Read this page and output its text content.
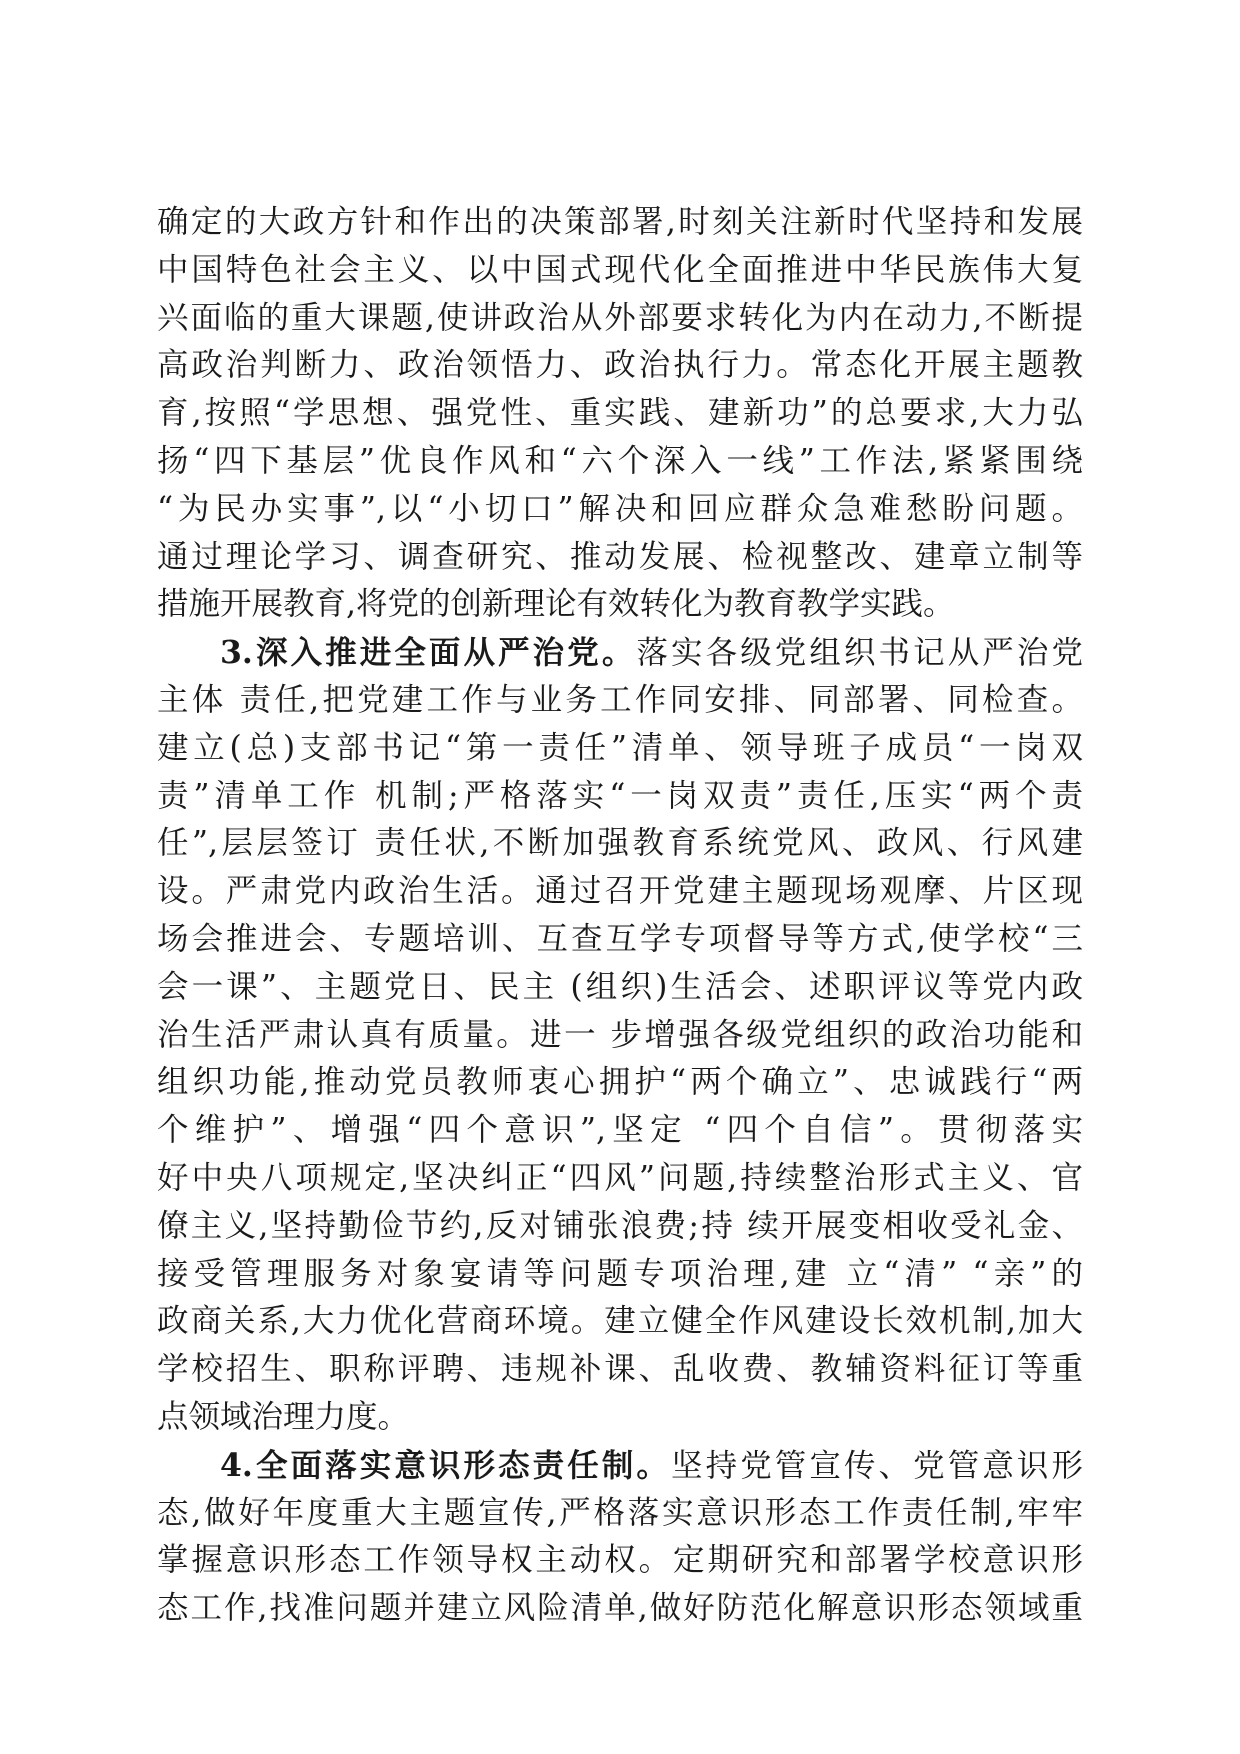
确定的大政方针和作出的决策部署,时刻关注新时代坚持和发展
中国特色社会主义、以中国式现代化全面推进中华民族伟大复
兴面临的重大课题,使讲政治从外部要求转化为内在动力,不断提
高政治判断力、政治领悟力、政治执行力。常态化开展主题教
育,按照“学思想、强党性、重实践、建新功”的总要求,大力弘
扬“四下基层”优良作风和“六个深入一线”工作法,紧紧围绕
“为民办实事”,以“小切口”解决和回应群众急难愁盼问题。
通过理论学习、调查研究、推动发展、检视整改、建章立制等
措施开展教育,将党的创新理论有效转化为教育教学实践。
3.深入推进全面从严治党。落实各级党组织书记从严治党
主体 责任,把党建工作与业务工作同安排、同部署、同检查。
建立(总)支部书记“第一责任”清单、领导班子成员“一岗双
责”清单工作 机制;严格落实“一岗双责”责任,压实“两个责
任”,层层签订 责任状,不断加强教育系统党风、政风、行风建
设。严肃党内政治生活。通过召开党建主题现场观摩、片区现
场会推进会、专题培训、互查互学专项督导等方式,使学校“三
会一课”、主题党日、民主 (组织)生活会、述职评议等党内政
治生活严肃认真有质量。进一 步增强各级党组织的政治功能和
组织功能,推动党员教师衷心拥护“两个确立”、忠诚践行“两
个维护”、增强“四个意识”,坚定 “四个自信”。贯彻落实
好中央八项规定,坚决纠正“四风”问题,持续整治形式主义、官
僚主义,坚持勤俭节约,反对铺张浪费;持 续开展变相收受礼金、
接受管理服务对象宴请等问题专项治理,建 立“清” “亲”的
政商关系,大力优化营商环境。建立健全作风建设长效机制,加大
学校招生、职称评聘、违规补课、乱收费、教辅资料征订等重
点领域治理力度。
4.全面落实意识形态责任制。坚持党管宣传、党管意识形
态,做好年度重大主题宣传,严格落实意识形态工作责任制,牢牢
掌握意识形态工作领导权主动权。定期研究和部署学校意识形
态工作,找准问题并建立风险清单,做好防范化解意识形态领域重
